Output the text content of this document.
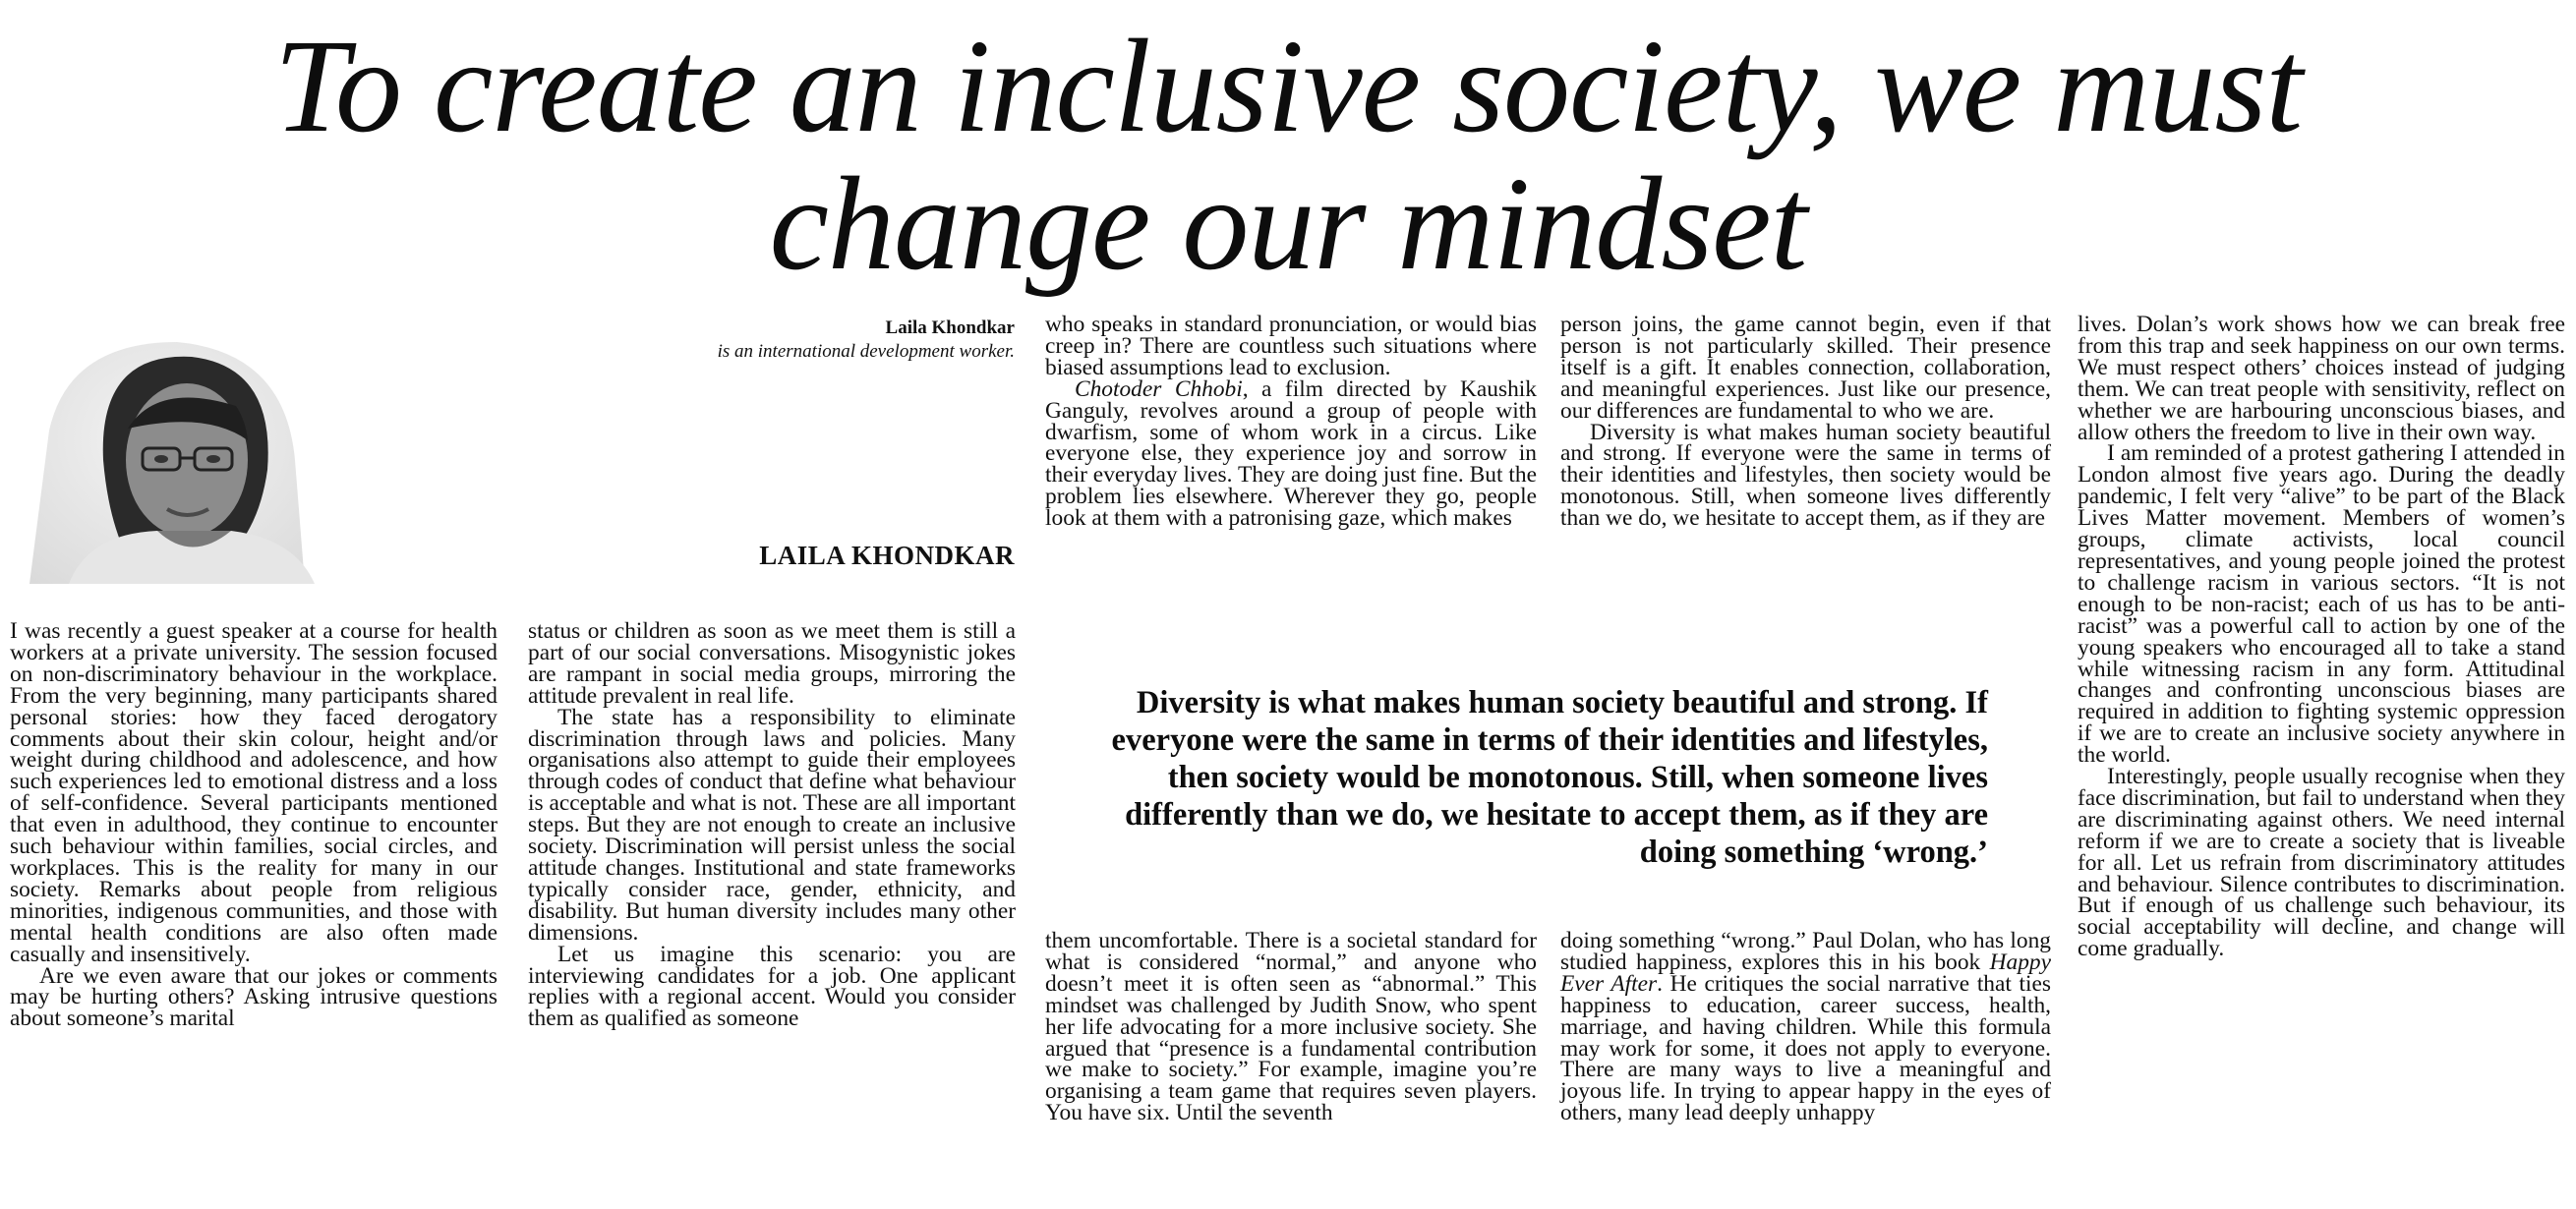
To create an inclusive society, we must
change our mindset
Laila Khondkar
is an international development worker.
LAILA KHONDKAR

I was recently a guest speaker at a course for health workers at a private university. The session focused on non-discriminatory behaviour in the workplace. From the very beginning, many participants shared personal stories: how they faced derogatory comments about their skin colour, height and/or weight during childhood and adolescence, and how such experiences led to emotional distress and a loss of self-confidence. Several participants mentioned that even in adulthood, they continue to encounter such behaviour within families, social circles, and workplaces. This is the reality for many in our society. Remarks about people from religious minorities, indigenous communities, and those with mental health conditions are also often made casually and insensitively.

Are we even aware that our jokes or comments may be hurting others? Asking intrusive questions about someone’s marital

status or children as soon as we meet them is still a part of our social conversations. Misogynistic jokes are rampant in social media groups, mirroring the attitude prevalent in real life.

The state has a responsibility to eliminate discrimination through laws and policies. Many organisations also attempt to guide their employees through codes of conduct that define what behaviour is acceptable and what is not. These are all important steps. But they are not enough to create an inclusive society. Discrimination will persist unless the social attitude changes. Institutional and state frameworks typically consider race, gender, ethnicity, and disability. But human diversity includes many other dimensions.

Let us imagine this scenario: you are interviewing candidates for a job. One applicant replies with a regional accent. Would you consider them as qualified as someone

who speaks in standard pronunciation, or would bias creep in? There are countless such situations where biased assumptions lead to exclusion.

Chotoder Chhobi, a film directed by Kaushik Ganguly, revolves around a group of people with dwarfism, some of whom work in a circus. Like everyone else, they experience joy and sorrow in their everyday lives. They are doing just fine. But the problem lies elsewhere. Wherever they go, people look at them with a patronising gaze, which makes

Diversity is what makes human society beautiful and strong. If everyone were the same in terms of their identities and lifestyles, then society would be monotonous. Still, when someone lives differently than we do, we hesitate to accept them, as if they are doing something ‘wrong.’

them uncomfortable. There is a societal standard for what is considered “normal,” and anyone who doesn’t meet it is often seen as “abnormal.” This mindset was challenged by Judith Snow, who spent her life advocating for a more inclusive society. She argued that “presence is a fundamental contribution we make to society.” For example, imagine you’re organising a team game that requires seven players. You have six. Until the seventh

person joins, the game cannot begin, even if that person is not particularly skilled. Their presence itself is a gift. It enables connection, collaboration, and meaningful experiences. Just like our presence, our differences are fundamental to who we are.

Diversity is what makes human society beautiful and strong. If everyone were the same in terms of their identities and lifestyles, then society would be monotonous. Still, when someone lives differently than we do, we hesitate to accept them, as if they are

doing something “wrong.” Paul Dolan, who has long studied happiness, explores this in his book Happy Ever After. He critiques the social narrative that ties happiness to education, career success, health, marriage, and having children. While this formula may work for some, it does not apply to everyone. There are many ways to live a meaningful and joyous life. In trying to appear happy in the eyes of others, many lead deeply unhappy

lives. Dolan’s work shows how we can break free from this trap and seek happiness on our own terms. We must respect others’ choices instead of judging them. We can treat people with sensitivity, reflect on whether we are harbouring unconscious biases, and allow others the freedom to live in their own way.

I am reminded of a protest gathering I attended in London almost five years ago. During the deadly pandemic, I felt very “alive” to be part of the Black Lives Matter movement. Members of women’s groups, climate activists, local council representatives, and young people joined the protest to challenge racism in various sectors. “It is not enough to be non-racist; each of us has to be anti-racist” was a powerful call to action by one of the young speakers who encouraged all to take a stand while witnessing racism in any form. Attitudinal changes and confronting unconscious biases are required in addition to fighting systemic oppression if we are to create an inclusive society anywhere in the world.

Interestingly, people usually recognise when they face discrimination, but fail to understand when they are discriminating against others. We need internal reform if we are to create a society that is liveable for all. Let us refrain from discriminatory attitudes and behaviour. Silence contributes to discrimination. But if enough of us challenge such behaviour, its social acceptability will decline, and change will come gradually.
